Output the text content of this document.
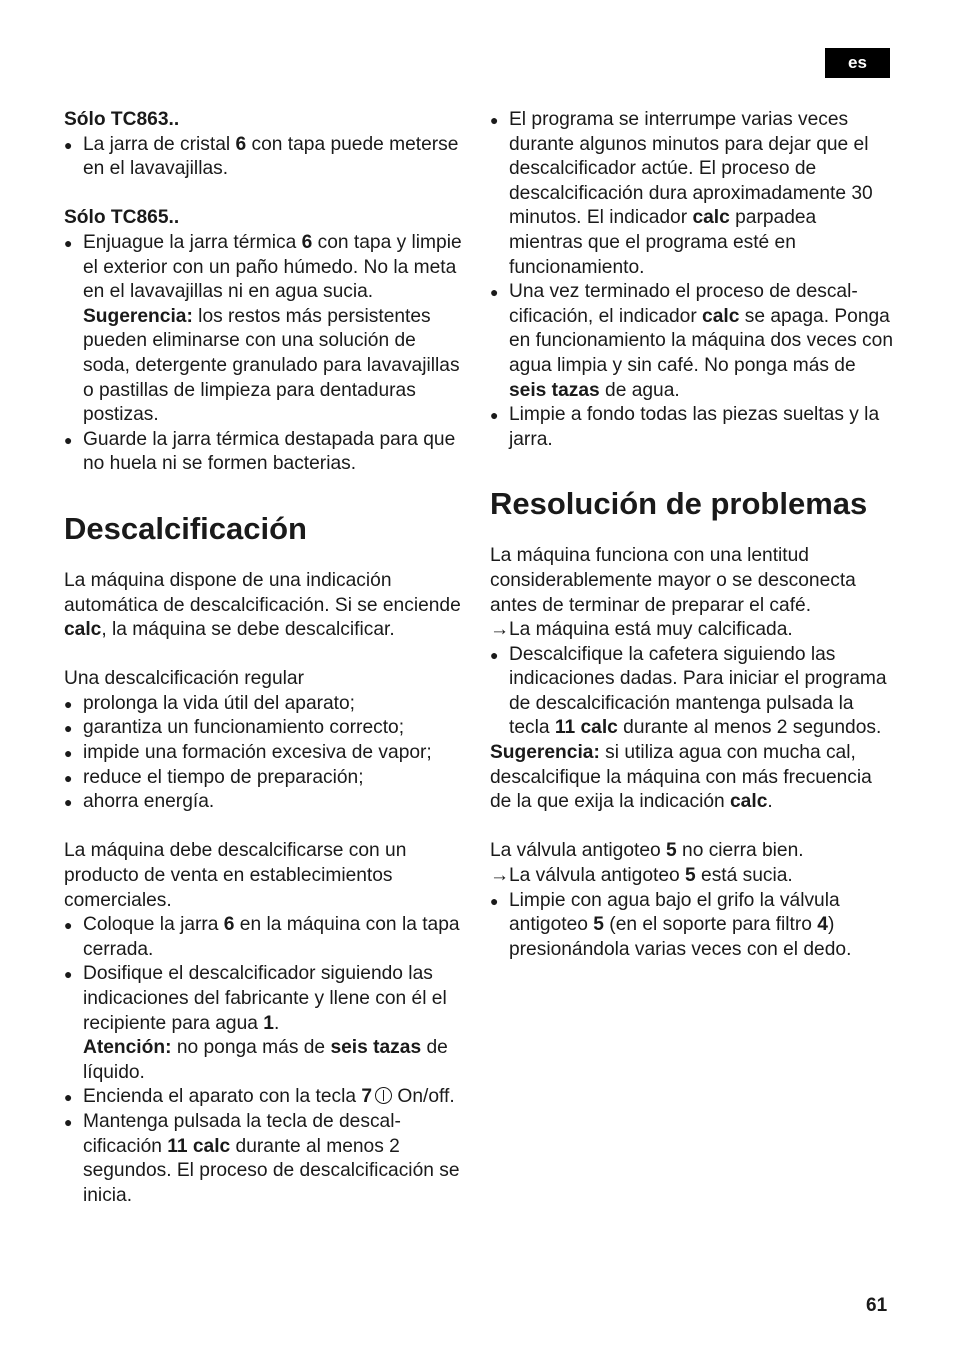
es
Sólo TC863..
● La jarra de cristal 6 con tapa puede meterse en el lavavajillas.
Sólo TC865..
● Enjuague la jarra térmica 6 con tapa y limpie el exterior con un paño húmedo. No la meta en el lavavajillas ni en agua sucia.
Sugerencia: los restos más persistentes pueden eliminarse con una solución de soda, detergente granulado para lavavajillas o pastillas de limpieza para dentaduras postizas.
● Guarde la jarra térmica destapada para que no huela ni se formen bacterias.
Descalcificación

La máquina dispone de una indicación automática de descalcificación. Si se enciende calc, la máquina se debe descalcificar.

Una descalcificación regular

● prolonga la vida útil del aparato;
● garantiza un funcionamiento correcto;
● impide una formación excesiva de vapor;
● reduce el tiempo de preparación;
● ahorra energía.

La máquina debe descalcificarse con un producto de venta en establecimientos comerciales.

● Coloque la jarra 6 en la máquina con la tapa cerrada.
● Dosifique el descalcificador siguiendo las indicaciones del fabricante y llene con él el recipiente para agua 1.
Atención: no ponga más de seis tazas de líquido.
● Encienda el aparato con la tecla 7 On/off.
● Mantenga pulsada la tecla de descal-cificación 11 calc durante al menos 2 segundos. El proceso de descalcificación se inicia.
● El programa se interrumpe varias veces durante algunos minutos para dejar que el descalcificador actúe. El proceso de descalcificación dura aproximadamente 30 minutos. El indicador calc parpadea mientras que el programa esté en funcionamiento.
● Una vez terminado el proceso de descal-cificación, el indicador calc se apaga. Ponga en funcionamiento la máquina dos veces con agua limpia y sin café. No ponga más de seis tazas de agua.
● Limpie a fondo todas las piezas sueltas y la jarra.
Resolución de problemas

La máquina funciona con una lentitud considerablemente mayor o se desconecta antes de terminar de preparar el café.

→ La máquina está muy calcificada.
● Descalcifique la cafetera siguiendo las indicaciones dadas. Para iniciar el programa de descalcificación mantenga pulsada la tecla 11 calc durante al menos 2 segundos.

Sugerencia: si utiliza agua con mucha cal, descalcifique la máquina con más frecuencia de la que exija la indicación calc.

La válvula antigoteo 5 no cierra bien.

→ La válvula antigoteo 5 está sucia.
● Limpie con agua bajo el grifo la válvula antigoteo 5 (en el soporte para filtro 4) presionándola varias veces con el dedo.
61
